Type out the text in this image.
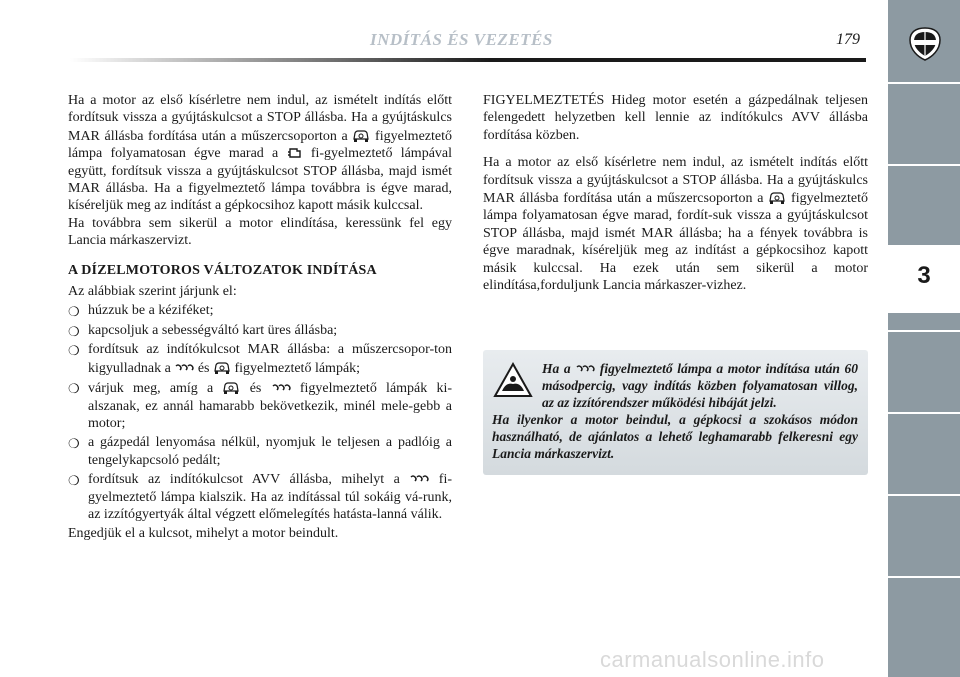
INDÍTÁS ÉS VEZETÉS	179
3

Ha a motor az első kísérletre nem indul, az ismételt indítás előtt fordítsuk vissza a gyújtáskulcsot a STOP állásba. Ha a gyújtáskulcs MAR állásba fordítása után a műszercsoporton a figyelmeztető lámpa folyamatosan égve marad a fi-gyelmeztető lámpával együtt, fordítsuk vissza a gyújtáskulcsot STOP állásba, majd ismét MAR állásba. Ha a figyelmeztető lámpa továbbra is égve marad, kíséreljük meg az indítást a gépkocsihoz kapott másik kulccsal.

Ha továbbra sem sikerül a motor elindítása, keressünk fel egy Lancia márkaszervizt.

A DÍZELMOTOROS VÁLTOZATOK INDÍTÁSA

Az alábbiak szerint járjunk el:

❍ húzzuk be a kéziféket;
❍ kapcsoljuk a sebességváltó kart üres állásba;
❍ fordítsuk az indítókulcsot MAR állásba: a műszercsopor-ton kigyulladnak a és figyelmeztető lámpák;
❍ várjuk meg, amíg a	és	figyelmeztető lámpák ki-alszanak, ez annál hamarabb bekövetkezik, minél mele-gebb a motor;
❍ a gázpedál lenyomása nélkül, nyomjuk le teljesen a padlóig a tengelykapcsoló pedált;
❍ fordítsuk az indítókulcsot AVV állásba, mihelyt a	fi-gyelmeztető lámpa kialszik. Ha az indítással túl sokáig vá-runk, az izzítógyertyák által végzett előmelegítés hatásta-lanná válik.

Engedjük el a kulcsot, mihelyt a motor beindult.

FIGYELMEZTETÉS Hideg motor esetén a gázpedálnak teljesen felengedett helyzetben kell lennie az indítókulcs AVV állásba fordítása közben.

Ha a motor az első kísérletre nem indul, az ismételt indítás előtt fordítsuk vissza a gyújtáskulcsot a STOP állásba. Ha a gyújtáskulcs MAR állásba fordítása után a műszercsoporton a figyelmeztető lámpa folyamatosan égve marad, fordít-suk vissza a gyújtáskulcsot STOP állásba, majd ismét MAR állásba; ha a fények továbbra is égve maradnak, kíséreljük meg az indítást a gépkocsihoz kapott másik kulccsal. Ha ezek után sem sikerül a motor elindítása,forduljunk Lancia márkaszer-vizhez.

Ha a figyelmeztető lámpa a motor indítása után 60 másodpercig, vagy indítás közben folyamatosan villog, az az izzítórendszer működési hibáját jelzi.
Ha ilyenkor a motor beindul, a gépkocsi a szokásos módon használható, de ajánlatos a lehető leghamarabb felkeresni egy Lancia márkaszervizt.
carmanualsonline.info
